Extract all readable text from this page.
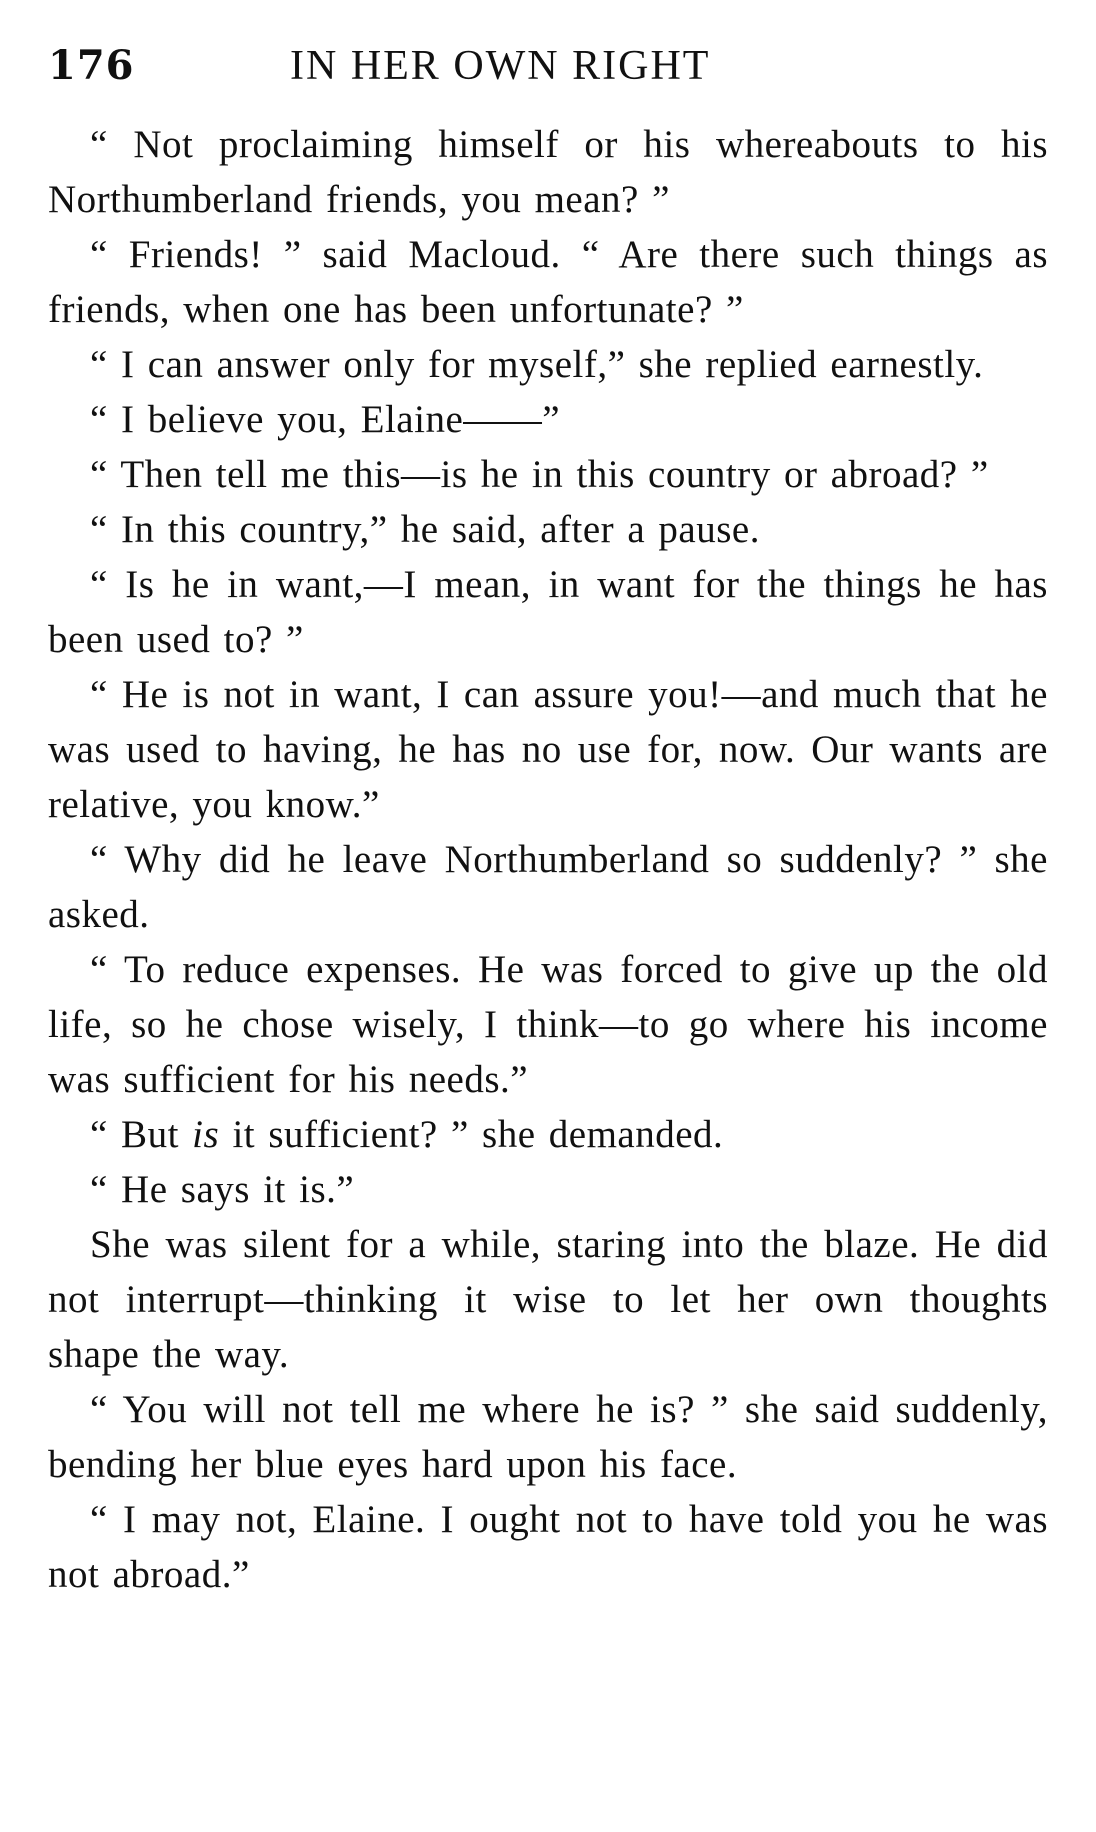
176	IN HER OWN RIGHT

“ Not proclaiming himself or his whereabouts to his Northumberland friends, you mean? ”

“ Friends! ” said Macloud. “ Are there such things as friends, when one has been unfortunate? ”

“ I can answer only for myself,” she replied earnestly.

“ I believe you, Elaine——”

“ Then tell me this—is he in this country or abroad? ”

“ In this country,” he said, after a pause.

“ Is he in want,—I mean, in want for the things he has been used to? ”

“ He is not in want, I can assure you!—and much that he was used to having, he has no use for, now. Our wants are relative, you know.”

“ Why did he leave Northumberland so suddenly? ” she asked.

“ To reduce expenses. He was forced to give up the old life, so he chose wisely, I think—to go where his income was sufficient for his needs.”

“ But is it sufficient? ” she demanded.

“ He says it is.”

She was silent for a while, staring into the blaze. He did not interrupt—thinking it wise to let her own thoughts shape the way.

“ You will not tell me where he is? ” she said suddenly, bending her blue eyes hard upon his face.

“ I may not, Elaine. I ought not to have told you he was not abroad.”
